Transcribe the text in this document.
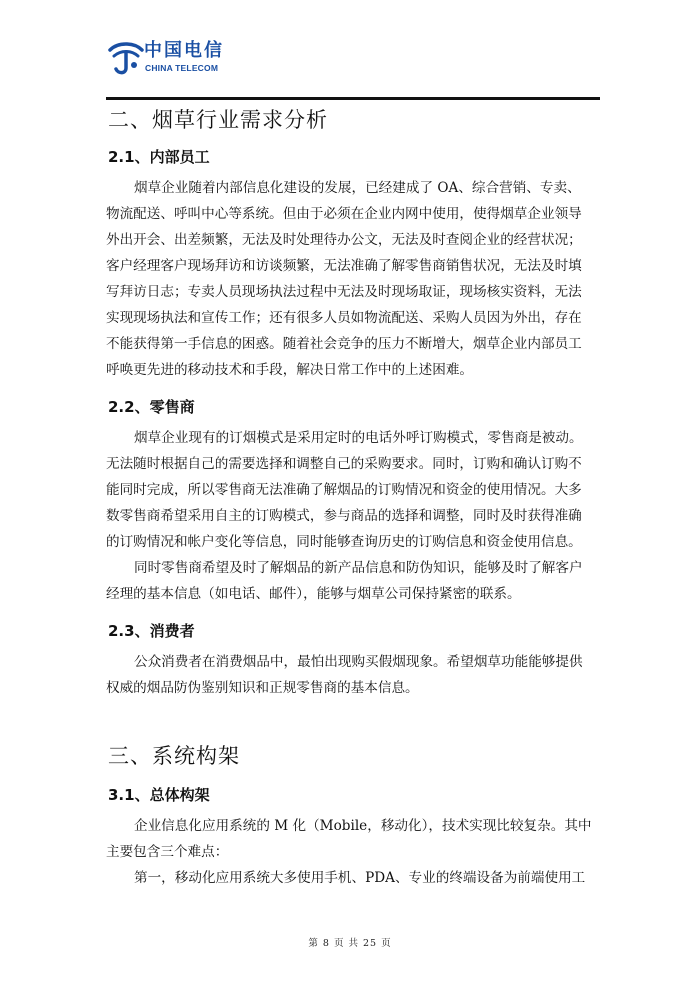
中国电信
CHINA TELECOM
二、烟草行业需求分析
2.1、内部员工
烟草企业随着内部信息化建设的发展，已经建成了 OA、综合营销、专卖、
物流配送、呼叫中心等系统。但由于必须在企业内网中使用，使得烟草企业领导
外出开会、出差频繁，无法及时处理待办公文，无法及时查阅企业的经营状况；
客户经理客户现场拜访和访谈频繁，无法准确了解零售商销售状况，无法及时填
写拜访日志；专卖人员现场执法过程中无法及时现场取证，现场核实资料，无法
实现现场执法和宣传工作；还有很多人员如物流配送、采购人员因为外出，存在
不能获得第一手信息的困惑。随着社会竞争的压力不断增大，烟草企业内部员工
呼唤更先进的移动技术和手段，解决日常工作中的上述困难。
2.2、零售商
烟草企业现有的订烟模式是采用定时的电话外呼订购模式，零售商是被动。
无法随时根据自己的需要选择和调整自己的采购要求。同时，订购和确认订购不
能同时完成，所以零售商无法准确了解烟品的订购情况和资金的使用情况。大多
数零售商希望采用自主的订购模式，参与商品的选择和调整，同时及时获得准确
的订购情况和帐户变化等信息，同时能够查询历史的订购信息和资金使用信息。
同时零售商希望及时了解烟品的新产品信息和防伪知识，能够及时了解客户
经理的基本信息（如电话、邮件），能够与烟草公司保持紧密的联系。
2.3、消费者
公众消费者在消费烟品中，最怕出现购买假烟现象。希望烟草功能能够提供
权威的烟品防伪鉴别知识和正规零售商的基本信息。
三、系统构架
3.1、总体构架
企业信息化应用系统的 M 化（Mobile，移动化），技术实现比较复杂。其中
主要包含三个难点：
第一，移动化应用系统大多使用手机、PDA、专业的终端设备为前端使用工
第 8 页 共 25 页
